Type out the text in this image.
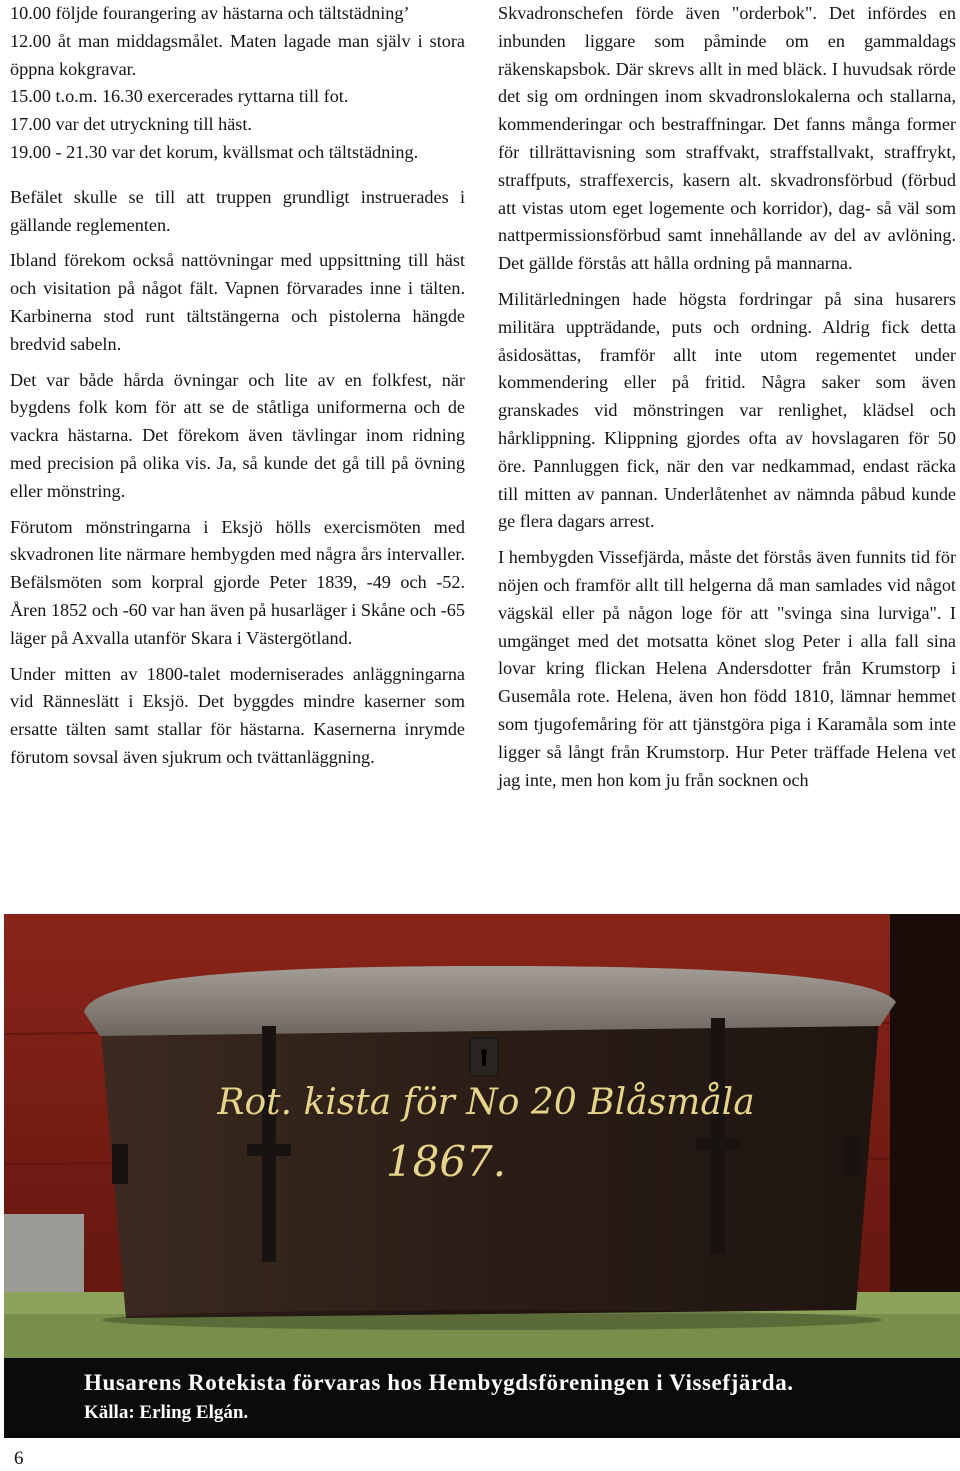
10.00 följde fourangering av hästarna och tältstädning’

12.00 åt man middagsmålet. Maten lagade man själv i stora öppna kokgravar.

15.00 t.o.m. 16.30 exercerades ryttarna till fot.

17.00 var det utryckning till häst.

19.00 - 21.30 var det korum, kvällsmat och tältstädning.

Befälet skulle se till att truppen grundligt instruerades i gällande reglementen.

Ibland förekom också nattövningar med uppsittning till häst och visitation på något fält. Vapnen förvarades inne i tälten. Karbinerna stod runt tältstängerna och pistolerna hängde bredvid sabeln.

Det var både hårda övningar och lite av en folkfest, när bygdens folk kom för att se de ståtliga uniformerna och de vackra hästarna. Det förekom även tävlingar inom ridning med precision på olika vis. Ja, så kunde det gå till på övning eller mönstring.

Förutom mönstringarna i Eksjö hölls exercismöten med skvadronen lite närmare hembygden med några års intervaller. Befälsmöten som korpral gjorde Peter 1839, -49 och -52. Åren 1852 och -60 var han även på husarläger i Skåne och -65 läger på Axvalla utanför Skara i Västergötland.

Under mitten av 1800-talet moderniserades anläggningarna vid Ränneslätt i Eksjö. Det byggdes mindre kaserner som ersatte tälten samt stallar för hästarna. Kasernerna inrymde förutom sovsal även sjukrum och tvättanläggning.

Skvadronschefen förde även "orderbok". Det infördes en inbunden liggare som påminde om en gammaldags räkenskapsbok. Där skrevs allt in med bläck. I huvudsak rörde det sig om ordningen inom skvadronslokalerna och stallarna, kommenderingar och bestraffningar. Det fanns många former för tillrättavisning som straffvakt, straffstallvakt, straffrykt, straffputs, straffexercis, kasern alt. skvadronsförbud (förbud att vistas utom eget logemente och korridor), dag- så väl som nattpermissionsförbud samt innehållande av del av avlöning. Det gällde förstås att hålla ordning på mannarna.

Militärledningen hade högsta fordringar på sina husarers militära uppträdande, puts och ordning. Aldrig fick detta åsidosättas, framför allt inte utom regementet under kommendering eller på fritid. Några saker som även granskades vid mönstringen var renlighet, klädsel och hårklippning. Klippning gjordes ofta av hovslagaren för 50 öre. Pannluggen fick, när den var nedkammad, endast räcka till mitten av pannan. Underlåtenhet av nämnda påbud kunde ge flera dagars arrest.

I hembygden Vissefjärda, måste det förstås även funnits tid för nöjen och framför allt till helgerna då man samlades vid något vägskäl eller på någon loge för att "svinga sina lurviga". I umgänget med det motsatta könet slog Peter i alla fall sina lovar kring flickan Helena Andersdotter från Krumstorp i Gusemåla rote. Helena, även hon född 1810, lämnar hemmet som tjugofemåring för att tjänstgöra piga i Karamåla som inte ligger så långt från Krumstorp. Hur Peter träffade Helena vet jag inte, men hon kom ju från socknen och

Rot. kista för No 20 Blåsmåla
1867.
Husarens Rotekista förvaras hos Hembygdsföreningen i Vissefjärda.
Källa: Erling Elgán.
6
